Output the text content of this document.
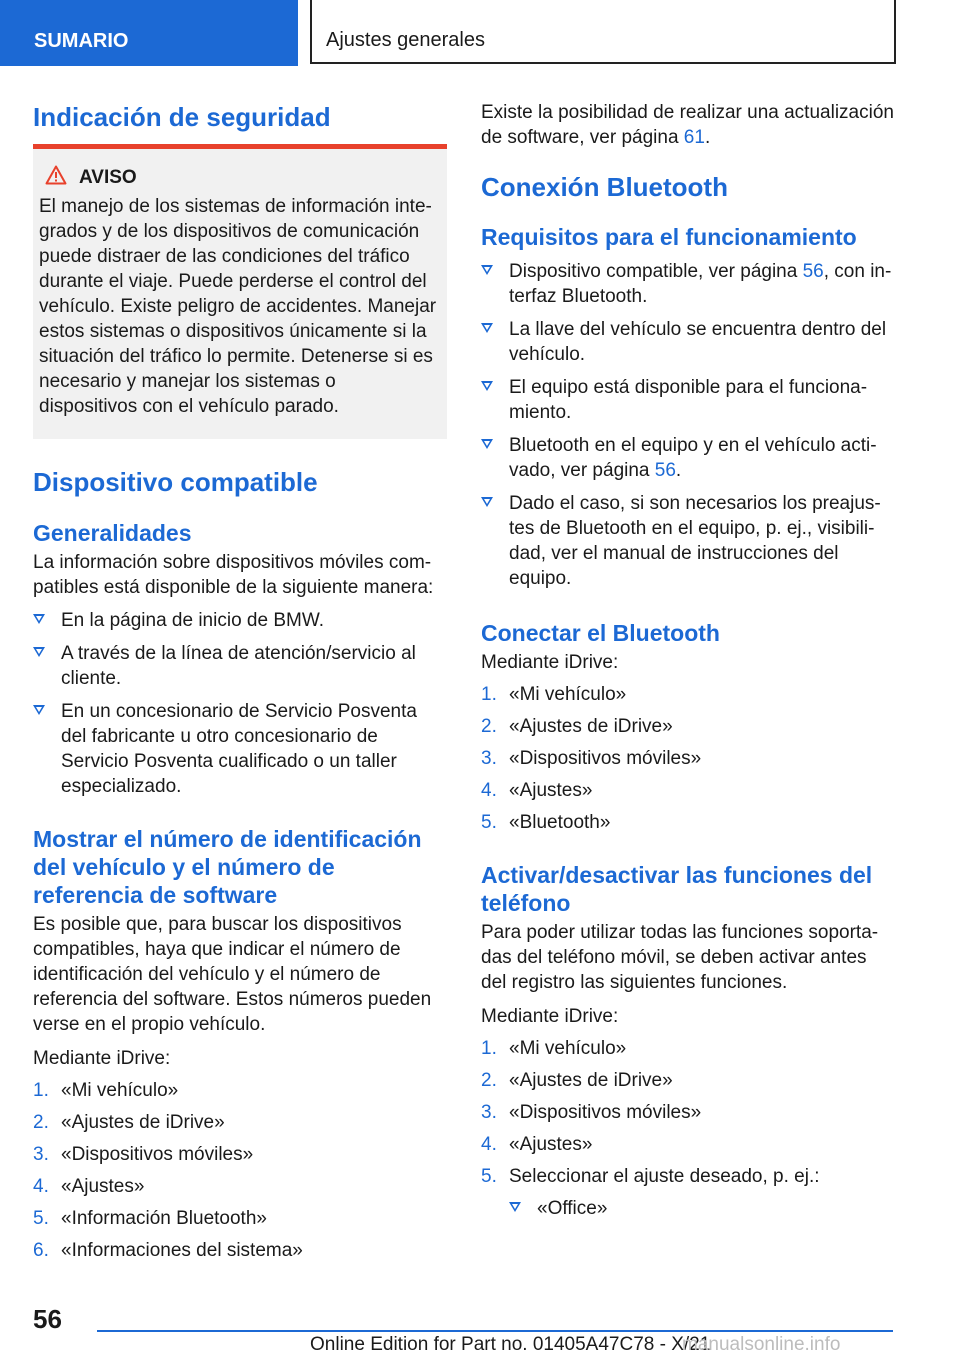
SUMARIO	Ajustes generales
Indicación de seguridad
AVISO

El manejo de los sistemas de información integrados y de los dispositivos de comunicación puede distraer de las condiciones del tráfico durante el viaje. Puede perderse el control del vehículo. Existe peligro de accidentes. Manejar estos sistemas o dispositivos únicamente si la situación del tráfico lo permite. Detenerse si es necesario y manejar los sistemas o dispositivos con el vehículo parado.

Dispositivo compatible
Generalidades

La información sobre dispositivos móviles compatibles está disponible de la siguiente manera:

En la página de inicio de BMW.
A través de la línea de atención/servicio al cliente.
En un concesionario de Servicio Posventa del fabricante u otro concesionario de Servicio Posventa cualificado o un taller especializado.
Mostrar el número de identificación del vehículo y el número de referencia de software

Es posible que, para buscar los dispositivos compatibles, haya que indicar el número de identificación del vehículo y el número de referencia del software. Estos números pueden verse en el propio vehículo.

Mediante iDrive:

1. «Mi vehículo»
2. «Ajustes de iDrive»
3. «Dispositivos móviles»
4. «Ajustes»
5. «Información Bluetooth»
6. «Informaciones del sistema»

Existe la posibilidad de realizar una actualización de software, ver página 61.

Conexión Bluetooth
Requisitos para el funcionamiento
Dispositivo compatible, ver página 56, con interfaz Bluetooth.
La llave del vehículo se encuentra dentro del vehículo.
El equipo está disponible para el funcionamiento.
Bluetooth en el equipo y en el vehículo activado, ver página 56.
Dado el caso, si son necesarios los preajustes de Bluetooth en el equipo, p. ej., visibilidad, ver el manual de instrucciones del equipo.
Conectar el Bluetooth

Mediante iDrive:

1. «Mi vehículo»
2. «Ajustes de iDrive»
3. «Dispositivos móviles»
4. «Ajustes»
5. «Bluetooth»
Activar/desactivar las funciones del teléfono

Para poder utilizar todas las funciones soportadas del teléfono móvil, se deben activar antes del registro las siguientes funciones.

Mediante iDrive:

1. «Mi vehículo»
2. «Ajustes de iDrive»
3. «Dispositivos móviles»
4. «Ajustes»
5. Seleccionar el ajuste deseado, p. ej.:
«Office»
56
Online Edition for Part no. 01405A47C78 - X/21
manualsonline.info
